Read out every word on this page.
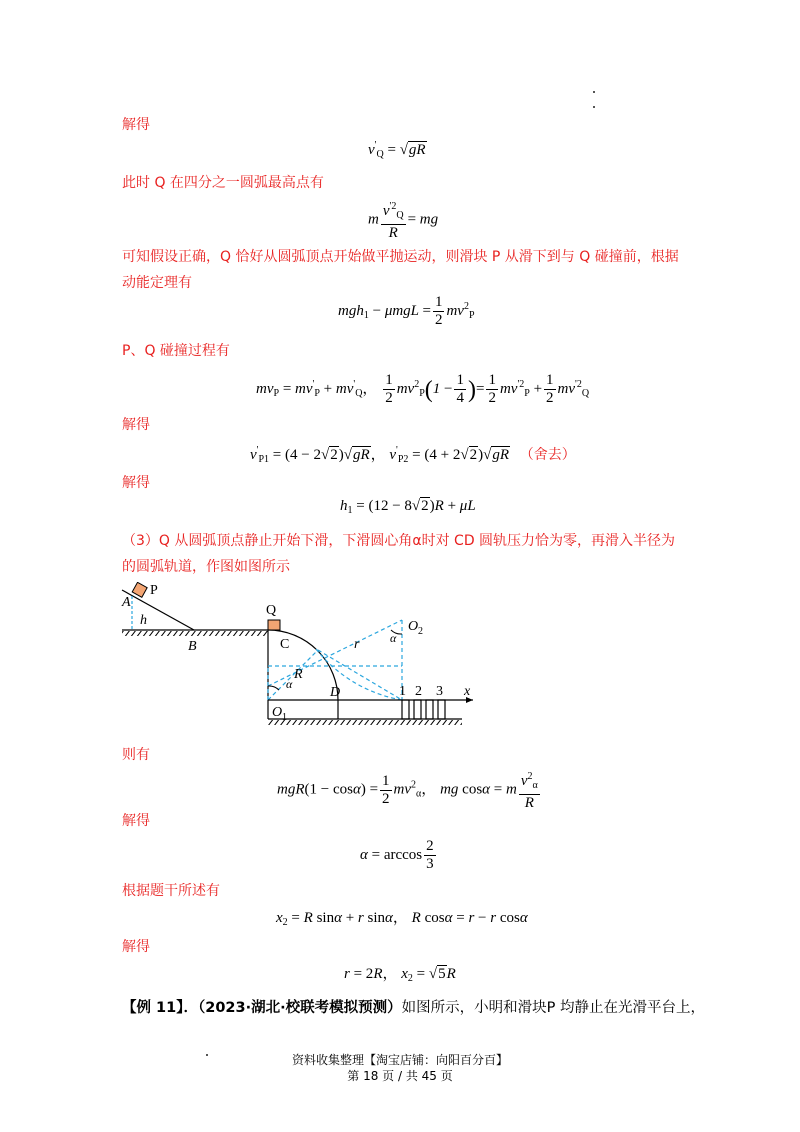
解得
$v'_Q = √gR$
此时 Q 在四分之一圆弧最高点有
m $\frac{v^{'2}_Q}{R}$ = mg
可知假设正确，Q 恰好从圆弧顶点开始做平抛运动，则滑块 P 从滑下到与 Q 碰撞前，根据动能定理有
$mgh_1 - \mu mgL = \frac{1}{2} mv^2_P$
P、Q 碰撞过程有
$mv_P = mv'_P + mv'_Q$， $\frac{1}{2} mv^2_P(1 - \frac{1}{4}$ )= $\frac{1}{2} mv^{'2}_P + \frac{1}{2} mv^{'2}_Q$
解得
$v'_{P1} = (4 - 2√2)√gR$， $v'_{P2} = (4 + 2√2)√gR$ （舍去）
解得
$h_1 = (12 - 8√2)R + \mu L$
（3）Q 从圆弧顶点静止开始下滑，下滑圆心角α时对 CD 圆轨压力恰为零，再滑入半径为的圆弧轨道，作图如图所示
A
P
h
B
Q
C
R
α
r	α
O 2
O 1
D	1 2 3 x
则有
$mgR(1 - \cos\alpha) = \frac{1}{2} mv^2_\alpha$， mg cosα = m $\frac{v^2_\alpha}{R}$
解得
$\alpha = \arccos \frac{2}{3}$
根据题干所述有
$x_2 = R$ sinα + r sinα， R cosα = r − r cosα
解得
r = 2R， $x_2 = √5R$
【例 11】．（2023·湖北·校联考模拟预测）如图所示，小明和滑块P 均静止在光滑平台上，
资料收集整理【淘宝店铺：向阳百分百】
第 18 页 / 共 45 页
